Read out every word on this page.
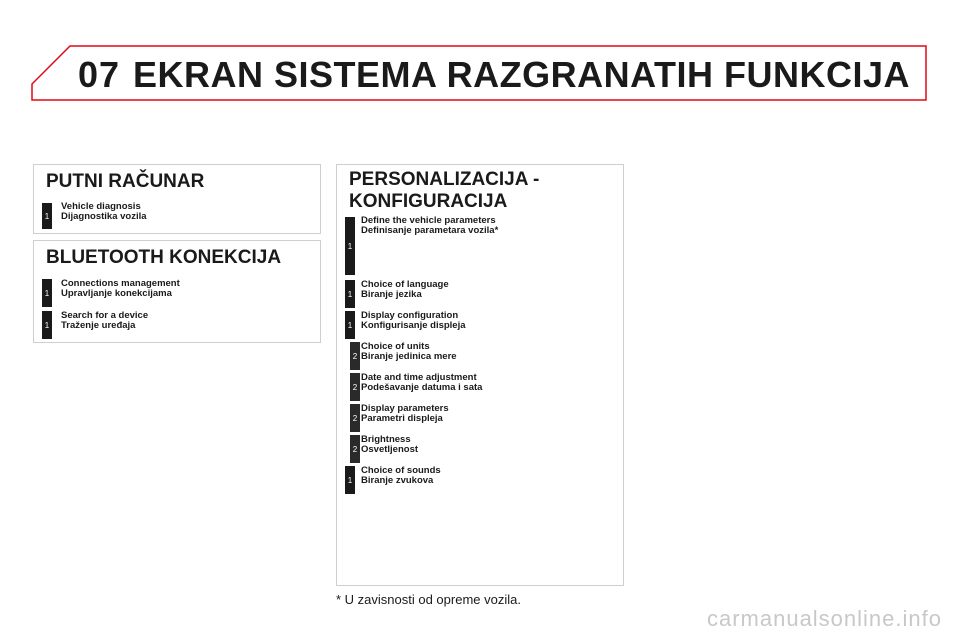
07 EKRAN SISTEMA RAZGRANATIH FUNKCIJA
PUTNI RAČUNAR
1
Vehicle diagnosis
Dijagnostika vozila
BLUETOOTH KONEKCIJA
1
Connections management
Upravljanje konekcijama
1
Search for a device
Traženje uređaja
PERSONALIZACIJA -
KONFIGURACIJA
1
Define the vehicle parameters
Definisanje parametara vozila*
1
Choice of language
Biranje jezika
1
Display configuration
Konfigurisanje displeja
2
Choice of units
Biranje jedinica mere
2
Date and time adjustment
Podešavanje datuma i sata
2
Display parameters
Parametri displeja
2
Brightness
Osvetljenost
1
Choice of sounds
Biranje zvukova
* U zavisnosti od opreme vozila.
carmanualsonline.info
